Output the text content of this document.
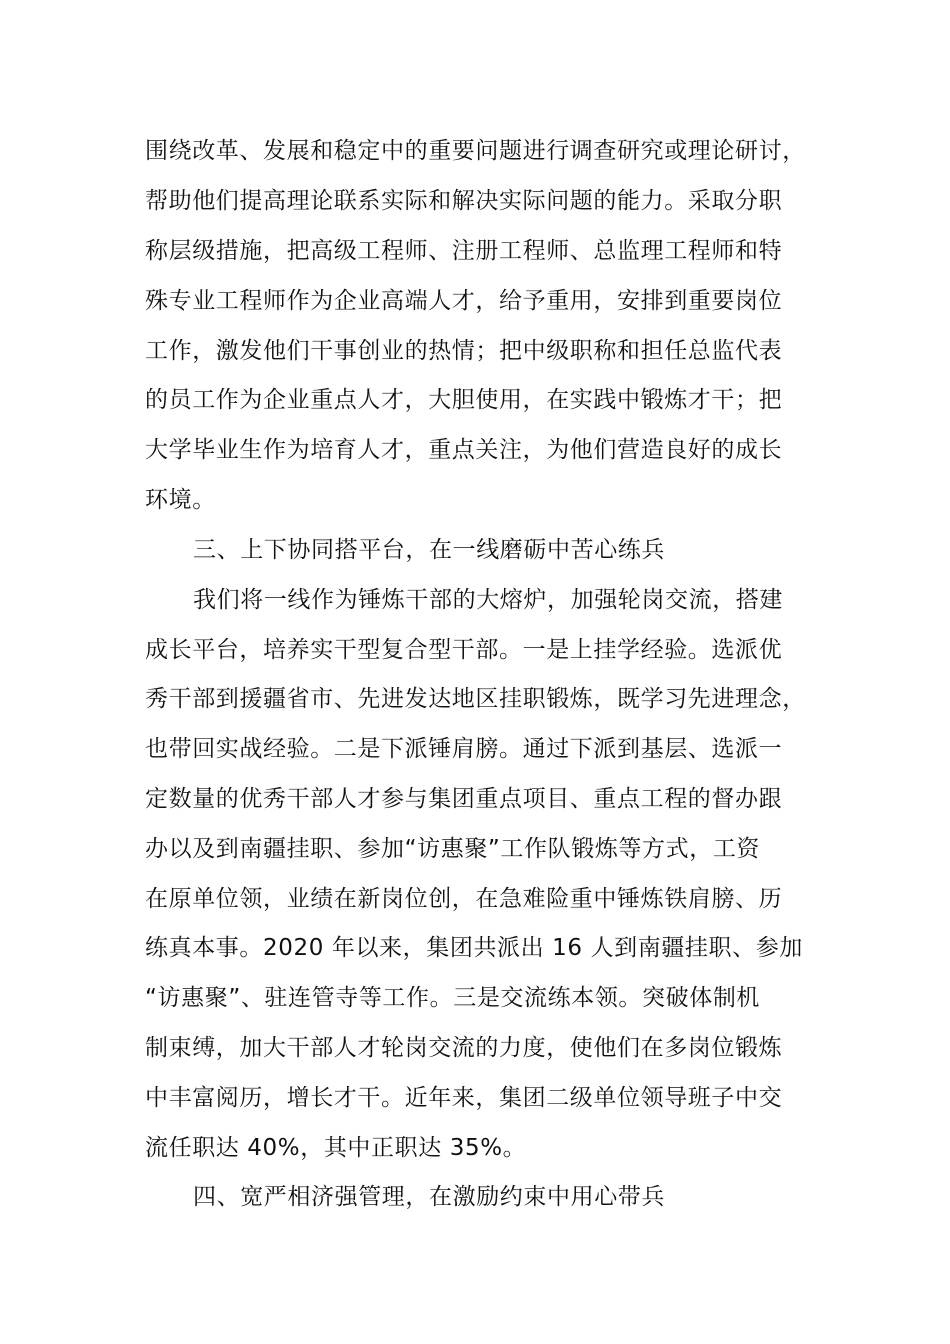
围绕改革、发展和稳定中的重要问题进行调查研究或理论研讨，
帮助他们提高理论联系实际和解决实际问题的能力。采取分职
称层级措施，把高级工程师、注册工程师、总监理工程师和特
殊专业工程师作为企业高端人才，给予重用，安排到重要岗位
工作，激发他们干事创业的热情；把中级职称和担任总监代表
的员工作为企业重点人才，大胆使用，在实践中锻炼才干；把
大学毕业生作为培育人才，重点关注，为他们营造良好的成长
环境。
三、上下协同搭平台，在一线磨砺中苦心练兵
我们将一线作为锤炼干部的大熔炉，加强轮岗交流，搭建
成长平台，培养实干型复合型干部。一是上挂学经验。选派优
秀干部到援疆省市、先进发达地区挂职锻炼，既学习先进理念，
也带回实战经验。二是下派锤肩膀。通过下派到基层、选派一
定数量的优秀干部人才参与集团重点项目、重点工程的督办跟
办以及到南疆挂职、参加“访惠聚”工作队锻炼等方式，工资
在原单位领，业绩在新岗位创，在急难险重中锤炼铁肩膀、历
练真本事。2020 年以来，集团共派出 16 人到南疆挂职、参加
“访惠聚”、驻连管寺等工作。三是交流练本领。突破体制机
制束缚，加大干部人才轮岗交流的力度，使他们在多岗位锻炼
中丰富阅历，增长才干。近年来，集团二级单位领导班子中交
流任职达 40%，其中正职达 35%。
四、宽严相济强管理，在激励约束中用心带兵
